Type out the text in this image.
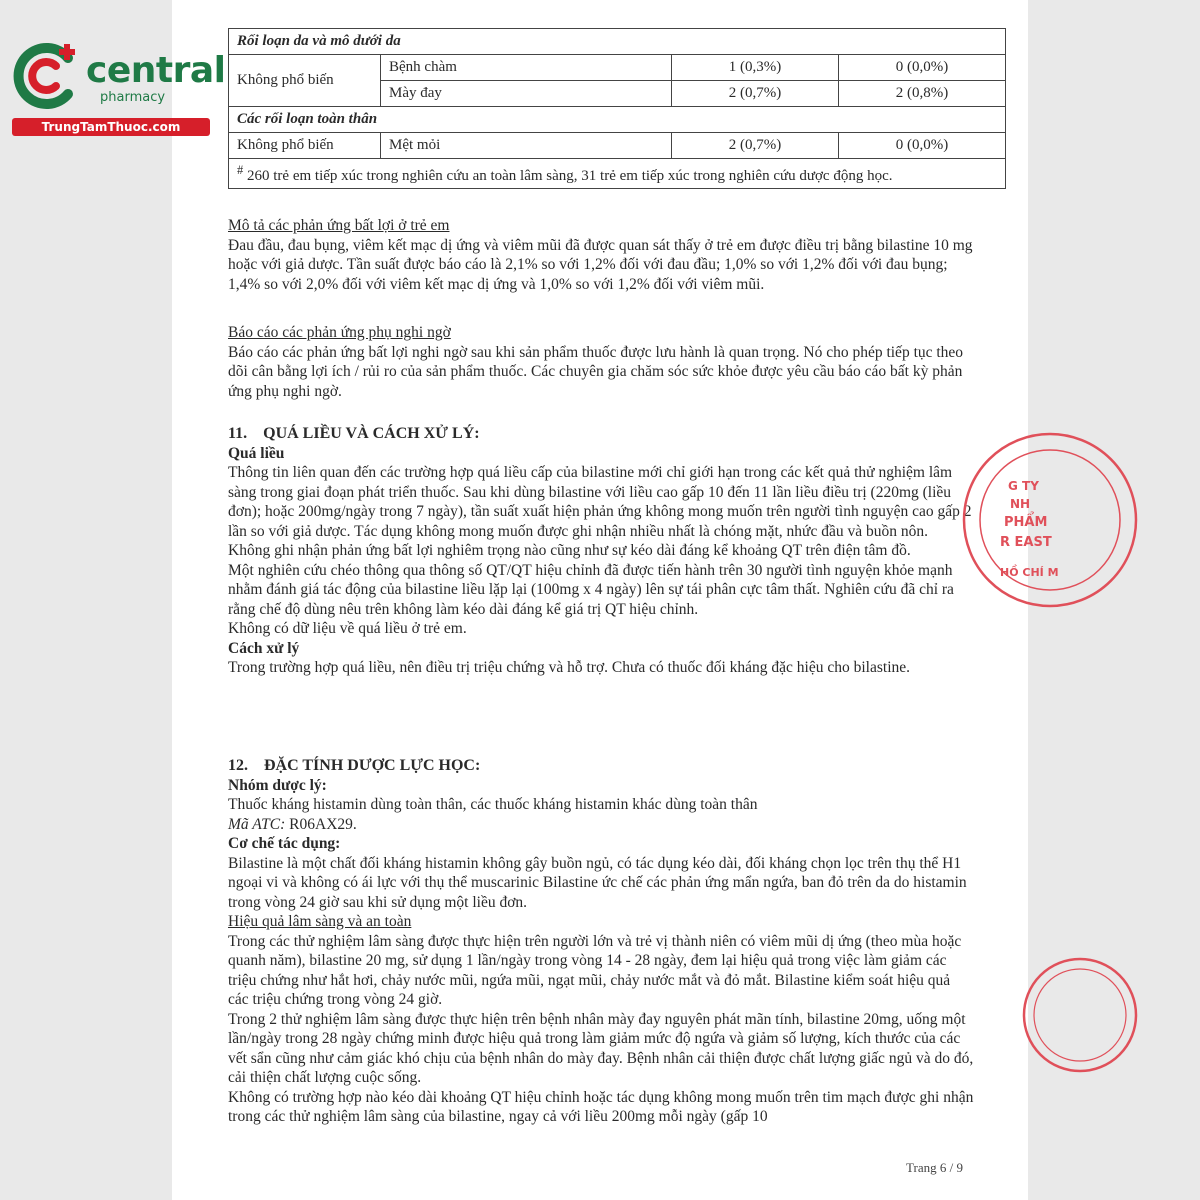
central
pharmacy
TrungTamThuoc.com
Rối loạn da và mô dưới da			
Không phổ biến	Bệnh chàm	1 (0,3%)	0 (0,0%)
	Mày đay	2 (0,7%)	2 (0,8%)
Các rối loạn toàn thân			
Không phổ biến	Mệt mỏi	2 (0,7%)	0 (0,0%)
# 260 trẻ em tiếp xúc trong nghiên cứu an toàn lâm sàng, 31 trẻ em tiếp xúc trong nghiên cứu dược động học.			
Mô tả các phản ứng bất lợi ở trẻ em
Đau đầu, đau bụng, viêm kết mạc dị ứng và viêm mũi đã được quan sát thấy ở trẻ em được điều trị bằng bilastine 10 mg hoặc với giả dược. Tần suất được báo cáo là 2,1% so với 1,2% đối với đau đầu; 1,0% so với 1,2% đối với đau bụng; 1,4% so với 2,0% đối với viêm kết mạc dị ứng và 1,0% so với 1,2% đối với viêm mũi.
Báo cáo các phản ứng phụ nghi ngờ
Báo cáo các phản ứng bất lợi nghi ngờ sau khi sản phẩm thuốc được lưu hành là quan trọng. Nó cho phép tiếp tục theo dõi cân bằng lợi ích / rủi ro của sản phẩm thuốc. Các chuyên gia chăm sóc sức khỏe được yêu cầu báo cáo bất kỳ phản ứng phụ nghi ngờ.
11.    QUÁ LIỀU VÀ CÁCH XỬ LÝ:
Quá liều
Thông tin liên quan đến các trường hợp quá liều cấp của bilastine mới chỉ giới hạn trong các kết quả thử nghiệm lâm sàng trong giai đoạn phát triển thuốc. Sau khi dùng bilastine với liều cao gấp 10 đến 11 lần liều điều trị (220mg (liều đơn); hoặc 200mg/ngày trong 7 ngày), tần suất xuất hiện phản ứng không mong muốn trên người tình nguyện cao gấp 2 lần so với giả dược. Tác dụng không mong muốn được ghi nhận nhiều nhất là chóng mặt, nhức đầu và buồn nôn. Không ghi nhận phản ứng bất lợi nghiêm trọng nào cũng như sự kéo dài đáng kể khoảng QT trên điện tâm đồ.
Một nghiên cứu chéo thông qua thông số QT/QT hiệu chỉnh đã được tiến hành trên 30 người tình nguyện khỏe mạnh nhằm đánh giá tác động của bilastine liều lặp lại (100mg x 4 ngày) lên sự tái phân cực tâm thất. Nghiên cứu đã chỉ ra rằng chế độ dùng nêu trên không làm kéo dài đáng kể giá trị QT hiệu chỉnh.
Không có dữ liệu về quá liều ở trẻ em.
Cách xử lý
Trong trường hợp quá liều, nên điều trị triệu chứng và hỗ trợ. Chưa có thuốc đối kháng đặc hiệu cho bilastine.
12.    ĐẶC TÍNH DƯỢC LỰC HỌC:
Nhóm dược lý:
Thuốc kháng histamin dùng toàn thân, các thuốc kháng histamin khác dùng toàn thân
Mã ATC: R06AX29.
Cơ chế tác dụng:
Bilastine là một chất đối kháng histamin không gây buồn ngủ, có tác dụng kéo dài, đối kháng chọn lọc trên thụ thể H1 ngoại vi và không có ái lực với thụ thể muscarinic Bilastine ức chế các phản ứng mẩn ngứa, ban đỏ trên da do histamin trong vòng 24 giờ sau khi sử dụng một liều đơn.
Hiệu quả lâm sàng và an toàn
Trong các thử nghiệm lâm sàng được thực hiện trên người lớn và trẻ vị thành niên có viêm mũi dị ứng (theo mùa hoặc quanh năm), bilastine 20 mg, sử dụng 1 lần/ngày trong vòng 14 - 28 ngày, đem lại hiệu quả trong việc làm giảm các triệu chứng như hắt hơi, chảy nước mũi, ngứa mũi, ngạt mũi, chảy nước mắt và đỏ mắt. Bilastine kiểm soát hiệu quả các triệu chứng trong vòng 24 giờ.
Trong 2 thử nghiệm lâm sàng được thực hiện trên bệnh nhân mày đay nguyên phát mãn tính, bilastine 20mg, uống một lần/ngày trong 28 ngày chứng minh được hiệu quả trong làm giảm mức độ ngứa và giảm số lượng, kích thước của các vết sẩn cũng như cảm giác khó chịu của bệnh nhân do mày đay. Bệnh nhân cải thiện được chất lượng giấc ngủ và do đó, cải thiện chất lượng cuộc sống.
Không có trường hợp nào kéo dài khoảng QT hiệu chỉnh hoặc tác dụng không mong muốn trên tim mạch được ghi nhận trong các thử nghiệm lâm sàng của bilastine, ngay cả với liều 200mg mỗi ngày (gấp 10
G TY
NH
PHẨM
R EAST
HỒ CHÍ M
Trang 6 / 9
